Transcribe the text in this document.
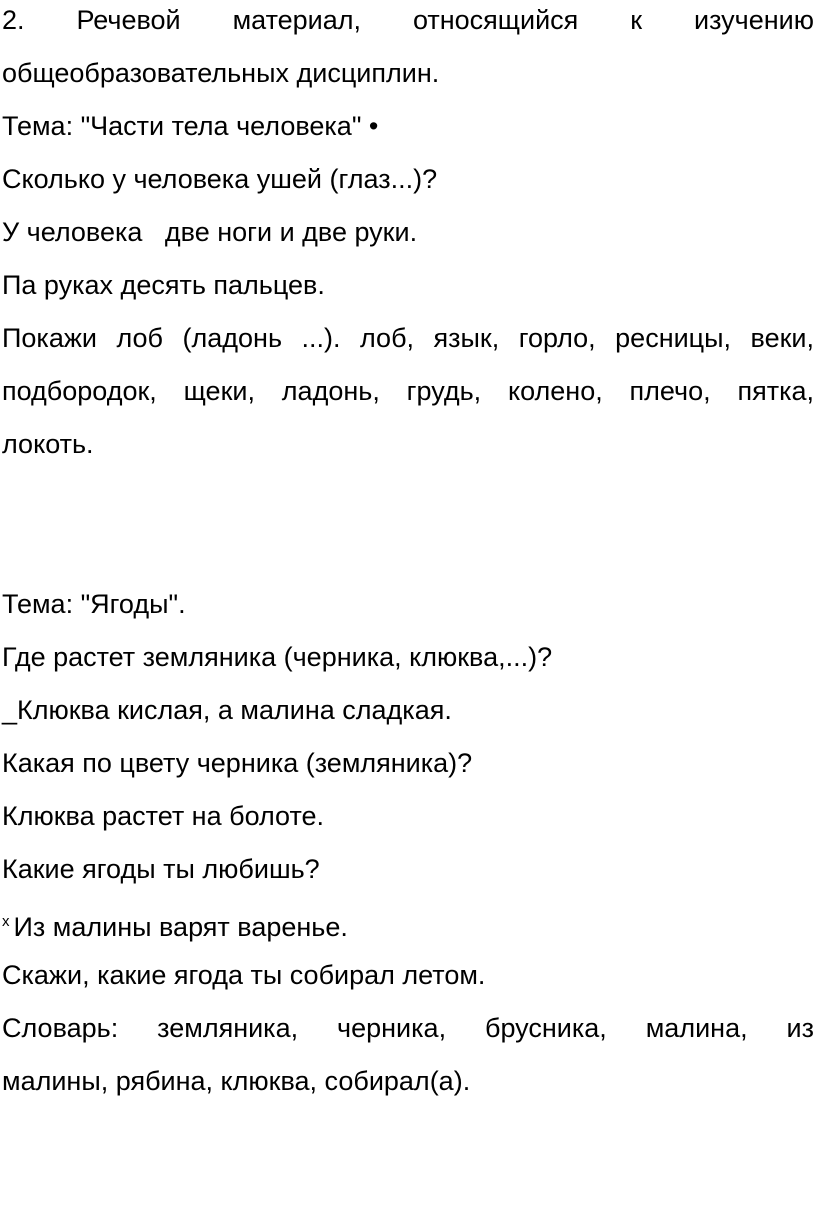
2. Речевой материал, относящийся к изучению
общеобразовательных дисциплин.
Тема: "Части тела человека" •
Сколько у человека ушей (глаз...)?
У человека   две ноги и две руки.
Па руках десять пальцев.
Покажи лоб (ладонь ...). лоб, язык, горло, ресницы, веки,
подбородок, щеки, ладонь, грудь, колено, плечо, пятка,
локоть.
Тема: "Ягоды".
Где растет земляника (черника, клюква,...)?
_Клюква кислая, а малина сладкая.
Какая по цвету черника (земляника)?
Клюква растет на болоте.
Какие ягоды ты любишь?
$^x$ Из малины варят варенье.
Скажи, какие ягода ты собирал летом.
Словарь: земляника, черника, брусника, малина, из
малины, рябина, клюква, собирал(а).
